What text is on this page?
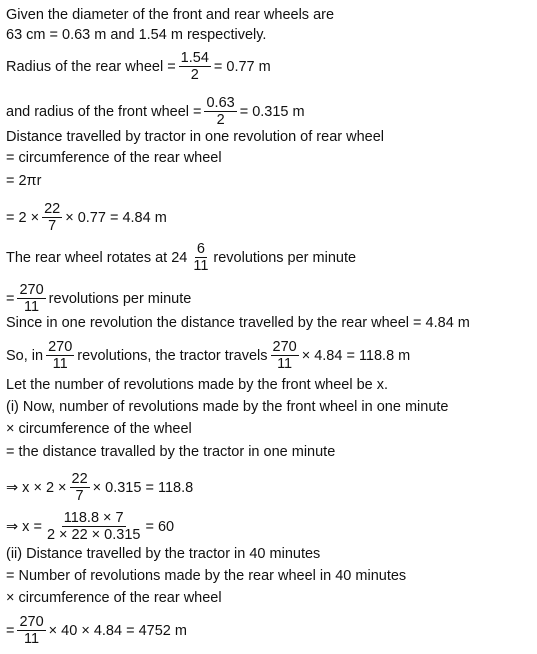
Given the diameter of the front and rear wheels are
63 cm = 0.63 m and 1.54 m respectively.
Radius of the rear wheel = $\frac{1.54}{2} = 0.77$ m
and radius of the front wheel = $\frac{0.63}{2} = 0.315$ m
Distance travelled by tractor in one revolution of rear wheel
= circumference of the rear wheel
= 2πr
= $2 \times \frac{22}{7} \times 0.77 = 4.84$ m
The rear wheel rotates at $24 \frac{6}{11}$ revolutions per minute
= $\frac{270}{11}$ revolutions per minute
Since in one revolution the distance travelled by the rear wheel = 4.84 m
So, in $\frac{270}{11}$ revolutions, the tractor travels $\frac{270}{11} \times 4.84 = 118.8$ m
Let the number of revolutions made by the front wheel be x.
(i) Now, number of revolutions made by the front wheel in one minute
× circumference of the wheel
= the distance travalled by the tractor in one minute
⇒ $x \times 2 \times \frac{22}{7} \times 0.315 = 118.8$
⇒ $x = \frac{118.8 \times 7}{2 \times 22 \times 0.315} = 60$
(ii) Distance travelled by the tractor in 40 minutes
= Number of revolutions made by the rear wheel in 40 minutes
× circumference of the rear wheel
= $\frac{270}{11} \times 40 \times 4.84 = 4752$ m
